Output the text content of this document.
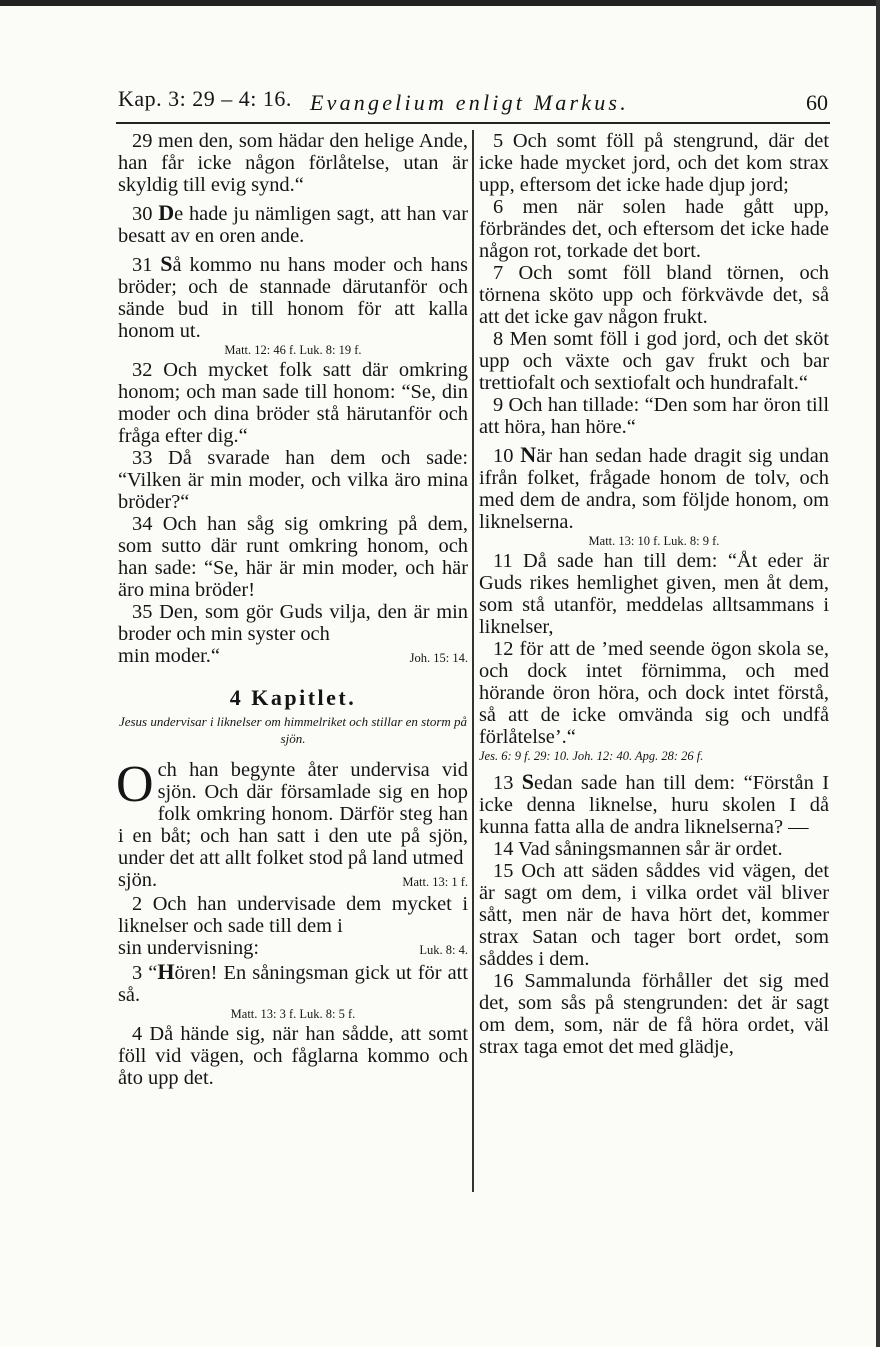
Kap. 3: 29 – 4: 16. Evangelium enligt Markus.	60

29 men den, som hädar den helige Ande, han får icke någon förlåtelse, utan är skyldig till evig synd.“

30 De hade ju nämligen sagt, att han var besatt av en oren ande.

31 Så kommo nu hans moder och hans bröder; och de stannade därutanför och sände bud in till honom för att kalla honom ut.

Matt. 12: 46 f. Luk. 8: 19 f.

32 Och mycket folk satt där omkring honom; och man sade till honom: “Se, din moder och dina bröder stå härutanför och fråga efter dig.“

33 Då svarade han dem och sade: “Vilken är min moder, och vilka äro mina bröder?“

34 Och han såg sig omkring på dem, som sutto där runt omkring honom, och han sade: “Se, här är min moder, och här äro mina bröder!

35 Den, som gör Guds vilja, den är min broder och min syster och

min moder.“	Joh. 15: 14.
4 Kapitlet.

Jesus undervisar i liknelser om himmelriket och stillar en storm på sjön.

Och han begynte åter undervisa vid sjön. Och där församlade sig en hop folk omkring honom. Därför steg han i en båt; och han satt i den ute på sjön, under det att allt folket stod på land utmed

sjön.	Matt. 13: 1 f.

2 Och han undervisade dem mycket i liknelser och sade till dem i

sin undervisning:	Luk. 8: 4.

3 “Hören! En såningsman gick ut för att så.

Matt. 13: 3 f. Luk. 8: 5 f.

4 Då hände sig, när han sådde, att somt föll vid vägen, och fåglarna kommo och åto upp det.

5 Och somt föll på stengrund, där det icke hade mycket jord, och det kom strax upp, eftersom det icke hade djup jord;

6 men när solen hade gått upp, förbrändes det, och eftersom det icke hade någon rot, torkade det bort.

7 Och somt föll bland törnen, och törnena sköto upp och förkvävde det, så att det icke gav någon frukt.

8 Men somt föll i god jord, och det sköt upp och växte och gav frukt och bar trettiofalt och sextiofalt och hundrafalt.“

9 Och han tillade: “Den som har öron till att höra, han höre.“

10 När han sedan hade dragit sig undan ifrån folket, frågade honom de tolv, och med dem de andra, som följde honom, om liknelserna.

Matt. 13: 10 f. Luk. 8: 9 f.

11 Då sade han till dem: “Åt eder är Guds rikes hemlighet given, men åt dem, som stå utanför, meddelas alltsammans i liknelser,

12 för att de ’med seende ögon skola se, och dock intet förnimma, och med hörande öron höra, och dock intet förstå, så att de icke omvända sig och undfå förlåtelse’.“

Jes. 6: 9 f. 29: 10. Joh. 12: 40. Apg. 28: 26 f.

13 Sedan sade han till dem: “Förstån I icke denna liknelse, huru skolen I då kunna fatta alla de andra liknelserna? —

14 Vad såningsmannen sår är ordet.

15 Och att säden såddes vid vägen, det är sagt om dem, i vilka ordet väl bliver sått, men när de hava hört det, kommer strax Satan och tager bort ordet, som såddes i dem.

16 Sammalunda förhåller det sig med det, som sås på stengrunden: det är sagt om dem, som, när de få höra ordet, väl strax taga emot det med glädje,
